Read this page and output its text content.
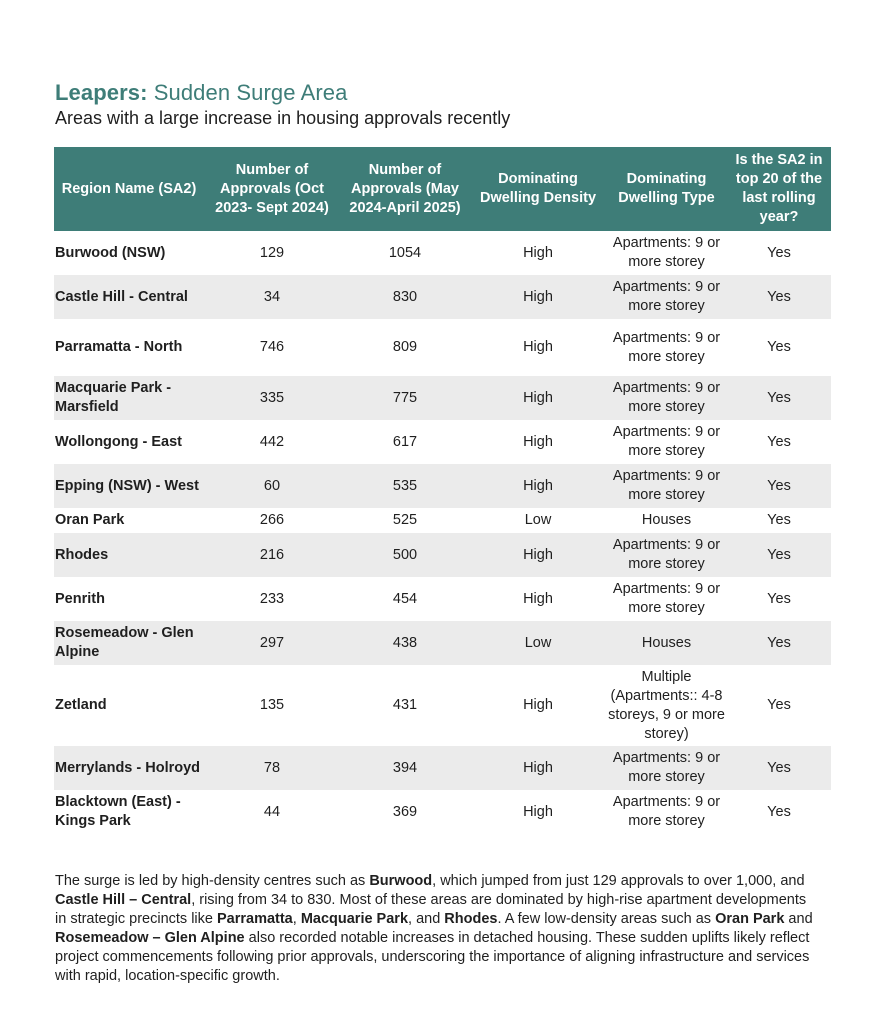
Leapers: Sudden Surge Area
Areas with a large increase in housing approvals recently
Region Name (SA2)	Number of Approvals (Oct 2023- Sept 2024)	Number of Approvals (May 2024-April 2025)	Dominating Dwelling Density	Dominating Dwelling Type	Is the SA2 in top 20 of the last rolling year?
Burwood (NSW)	129	1054	High	Apartments: 9 or more storey	Yes
Castle Hill - Central	34	830	High	Apartments: 9 or more storey	Yes
Parramatta - North	746	809	High	Apartments: 9 or more storey	Yes
Macquarie Park - Marsfield	335	775	High	Apartments: 9 or more storey	Yes
Wollongong - East	442	617	High	Apartments: 9 or more storey	Yes
Epping (NSW) - West	60	535	High	Apartments: 9 or more storey	Yes
Oran Park	266	525	Low	Houses	Yes
Rhodes	216	500	High	Apartments: 9 or more storey	Yes
Penrith	233	454	High	Apartments: 9 or more storey	Yes
Rosemeadow - Glen Alpine	297	438	Low	Houses	Yes
Zetland	135	431	High	Multiple (Apartments:: 4-8 storeys, 9 or more storey)	Yes
Merrylands - Holroyd	78	394	High	Apartments: 9 or more storey	Yes
Blacktown (East) - Kings Park	44	369	High	Apartments: 9 or more storey	Yes

The surge is led by high-density centres such as Burwood, which jumped from just 129 approvals to over 1,000, and Castle Hill – Central, rising from 34 to 830. Most of these areas are dominated by high-rise apartment developments in strategic precincts like Parramatta, Macquarie Park, and Rhodes. A few low-density areas such as Oran Park and Rosemeadow – Glen Alpine also recorded notable increases in detached housing. These sudden uplifts likely reflect project commencements following prior approvals, underscoring the importance of aligning infrastructure and services with rapid, location-specific growth.
